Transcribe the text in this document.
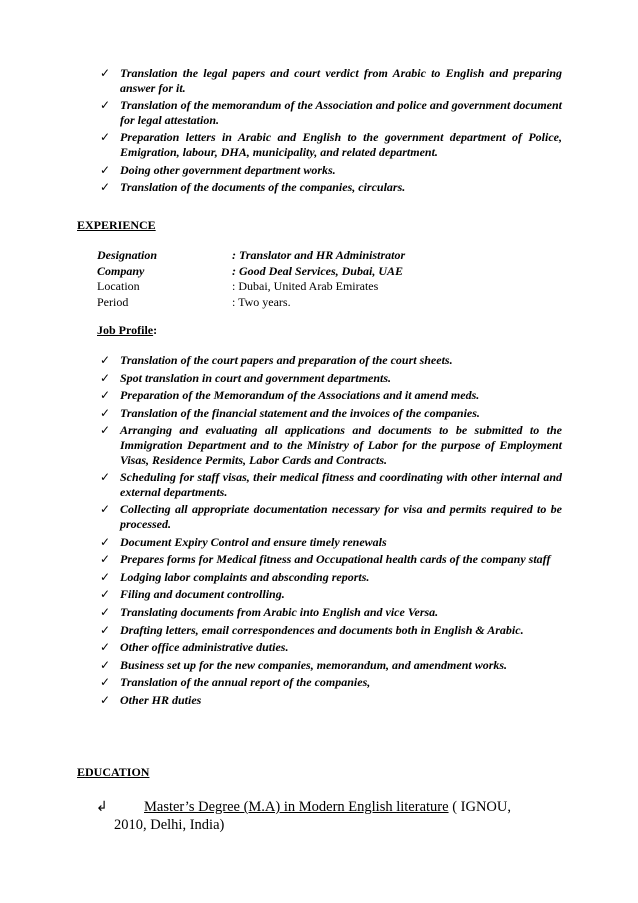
✓ Translation the legal papers and court verdict from Arabic to English and preparing answer for it.
✓ Translation of the memorandum of the Association and police and government document for legal attestation.
✓ Preparation letters in Arabic and English to the government department of Police, Emigration, labour, DHA, municipality, and related department.
✓ Doing other government department works.
✓ Translation of the documents of the companies, circulars.
EXPERIENCE
Designation	: Translator and HR Administrator
Company	: Good Deal Services, Dubai, UAE
Location	: Dubai, United Arab Emirates
Period	: Two years.
Job Profile:
✓ Translation of the court papers and preparation of the court sheets.
✓ Spot translation in court and government departments.
✓ Preparation of the Memorandum of the Associations and it amend meds.
✓ Translation of the financial statement and the invoices of the companies.
✓ Arranging and evaluating all applications and documents to be submitted to the Immigration Department and to the Ministry of Labor for the purpose of Employment Visas, Residence Permits, Labor Cards and Contracts.
✓ Scheduling for staff visas, their medical fitness and coordinating with other internal and external departments.
✓ Collecting all appropriate documentation necessary for visa and permits required to be processed.
✓ Document Expiry Control and ensure timely renewals
✓ Prepares forms for Medical fitness and Occupational health cards of the company staff
✓ Lodging labor complaints and absconding reports.
✓ Filing and document controlling.
✓ Translating documents from Arabic into English and vice Versa.
✓ Drafting letters, email correspondences and documents both in English & Arabic.
✓ Other office administrative duties.
✓ Business set up for the new companies, memorandum, and amendment works.
✓ Translation of the annual report of the companies,
✓ Other HR duties
EDUCATION
↲	Master’s Degree (M.A) in Modern English literature ( IGNOU,
2010, Delhi, India)
